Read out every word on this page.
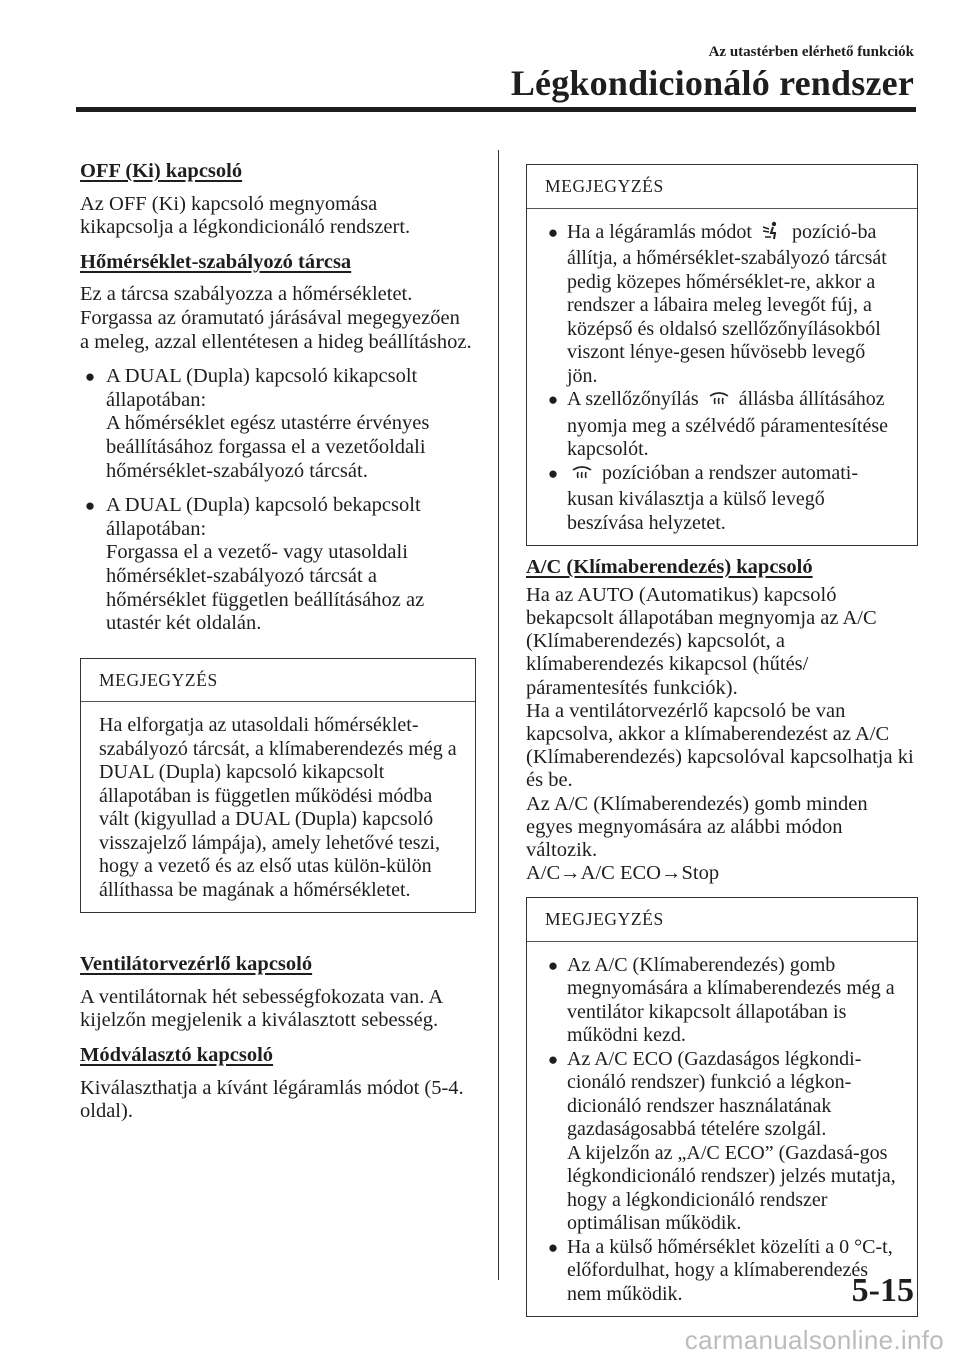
Az utastérben elérhető funkciók
Légkondicionáló rendszer
OFF (Ki) kapcsoló

Az OFF (Ki) kapcsoló megnyomása kikapcsolja a légkondicionáló rendszert.

Hőmérséklet-szabályozó tárcsa

Ez a tárcsa szabályozza a hőmérsékletet. Forgassa az óramutató járásával megegyezően a meleg, azzal ellentétesen a hideg beállításhoz.

● A DUAL (Dupla) kapcsoló kikapcsolt állapotában:
A hőmérséklet egész utastérre érvényes beállításához forgassa el a vezetőoldali hőmérséklet-szabályozó tárcsát.
● A DUAL (Dupla) kapcsoló bekapcsolt állapotában:
Forgassa el a vezető- vagy utasoldali hőmérséklet-szabályozó tárcsát a hőmérséklet független beállításához az utastér két oldalán.
MEGJEGYZÉS
Ha elforgatja az utasoldali hőmérséklet-szabályozó tárcsát, a klímaberendezés még a DUAL (Dupla) kapcsoló kikapcsolt állapotában is független működési módba vált (kigyullad a DUAL (Dupla) kapcsoló visszajelző lámpája), amely lehetővé teszi, hogy a vezető és az első utas külön-külön állíthassa be magának a hőmérsékletet.
Ventilátorvezérlő kapcsoló

A ventilátornak hét sebességfokozata van. A kijelzőn megjelenik a kiválasztott sebesség.

Módválasztó kapcsoló

Kiválaszthatja a kívánt légáramlás módot (5-4. oldal).

MEGJEGYZÉS
● Ha a légáramlás módot pozíció-ba állítja, a hőmérséklet-szabályozó tárcsát pedig közepes hőmérséklet-re, akkor a rendszer a lábaira meleg levegőt fúj, a középső és oldalsó szellőzőnyílásokból viszont lénye-gesen hűvösebb levegő jön.
● A szellőzőnyílás állásba állításához nyomja meg a szélvédő páramentesítése kapcsolót.
● pozícióban a rendszer automati-kusan kiválasztja a külső levegő beszívása helyzetet.
A/C (Klímaberendezés) kapcsoló

Ha az AUTO (Automatikus) kapcsoló bekapcsolt állapotában megnyomja az A/C (Klímaberendezés) kapcsolót, a klímaberendezés kikapcsol (hűtés/ páramentesítés funkciók).
Ha a ventilátorvezérlő kapcsoló be van kapcsolva, akkor a klímaberendezést az A/C (Klímaberendezés) kapcsolóval kapcsolhatja ki és be.
Az A/C (Klímaberendezés) gomb minden egyes megnyomására az alábbi módon változik.
A/C→A/C ECO→Stop

MEGJEGYZÉS
● Az A/C (Klímaberendezés) gomb megnyomására a klímaberendezés még a ventilátor kikapcsolt állapotában is működni kezd.
● Az A/C ECO (Gazdaságos légkondi-cionáló rendszer) funkció a légkon-dicionáló rendszer használatának gazdaságosabbá tételére szolgál.
A kijelzőn az „A/C ECO” (Gazdasá-gos légkondicionáló rendszer) jelzés mutatja, hogy a légkondicionáló rendszer optimálisan működik.
● Ha a külső hőmérséklet közelíti a 0 °C-t, előfordulhat, hogy a klímaberendezés nem működik.	5-15
carmanualsonline.info
